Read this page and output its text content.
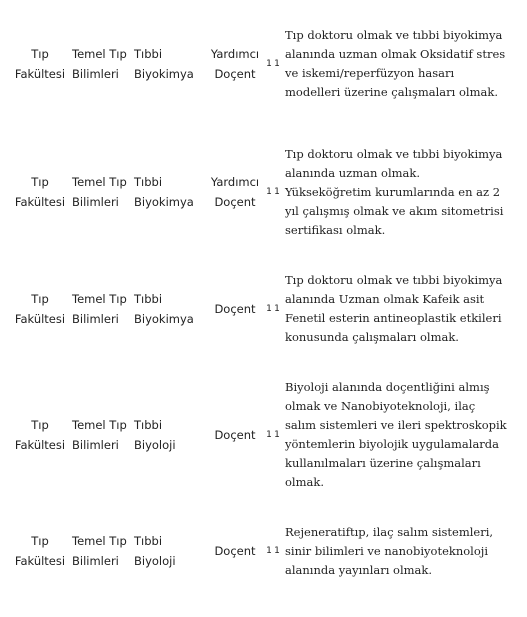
Tıp Fakültesi
Temel Tıp Bilimleri
Tıbbi Biyokimya
Yardımcı Doçent
1 1
Tıp doktoru olmak ve tıbbi biyokimya alanında uzman olmak Oksidatif stres ve iskemi/reperfüzyon hasarı modelleri üzerine çalışmaları olmak.
Tıp Fakültesi
Temel Tıp Bilimleri
Tıbbi Biyokimya
Yardımcı Doçent
1 1
Tıp doktoru olmak ve tıbbi biyokimya alanında uzman olmak. Yükseköğretim kurumlarında en az 2 yıl çalışmış olmak ve akım sitometrisi sertifikası olmak.
Tıp Fakültesi
Temel Tıp Bilimleri
Tıbbi Biyokimya
Doçent 1 1
Tıp doktoru olmak ve tıbbi biyokimya alanında Uzman olmak Kafeik asit Fenetil esterin antineoplastik etkileri konusunda çalışmaları olmak.
Tıp Fakültesi
Temel Tıp Bilimleri
Tıbbi Biyoloji
Doçent 1 1
Biyoloji alanında doçentliğini almış olmak ve Nanobiyoteknoloji, ilaç salım sistemleri ve ileri spektroskopik yöntemlerin biyolojik uygulamalarda kullanılmaları üzerine çalışmaları olmak.
Tıp Fakültesi
Temel Tıp Bilimleri
Tıbbi Biyoloji
Doçent 1 1
Rejeneratiftıp, ilaç salım sistemleri, sinir bilimleri ve nanobiyoteknoloji alanında yayınları olmak.
